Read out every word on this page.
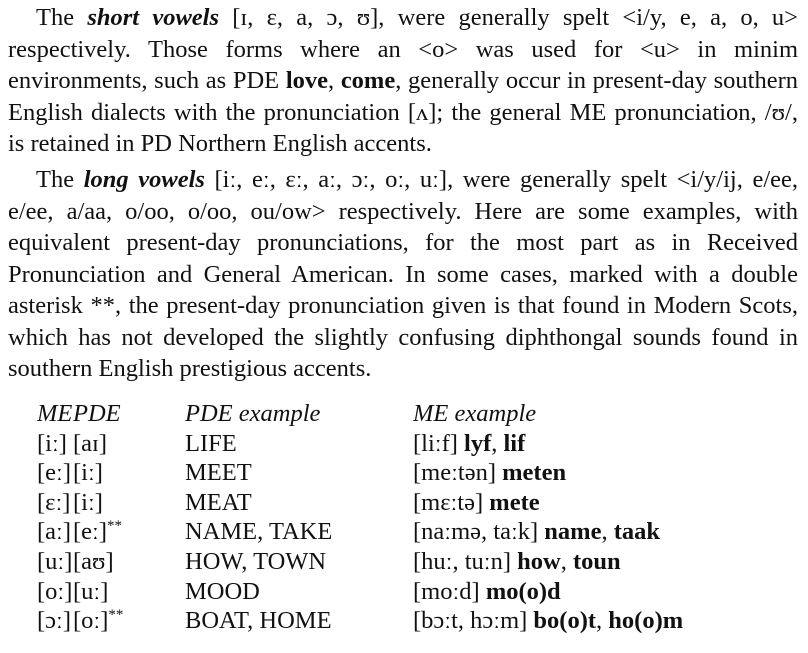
The short vowels [ɪ, ɛ, a, ɔ, ʊ], were generally spelt <i/y, e, a, o, u> respectively. Those forms where an <o> was used for <u> in minim environments, such as PDE love, come, generally occur in present-day southern English dialects with the pronunciation [ʌ]; the general ME pronunciation, /ʊ/, is retained in PD Northern English accents.

The long vowels [iː, eː, ɛː, aː, ɔː, oː, uː], were generally spelt <i/y/ij, e/ee, e/ee, a/aa, o/oo, o/oo, ou/ow> respectively. Here are some examples, with equivalent present-day pronunciations, for the most part as in Received Pronunciation and General American. In some cases, marked with a double asterisk **, the present-day pronunciation given is that found in Modern Scots, which has not developed the slightly confusing diphthongal sounds found in southern English prestigious accents.

ME	PDE	PDE example	ME example
[iː]	[aɪ]	LIFE	[liːf] lyf, lif
[eː]	[iː]	MEET	[meːtən] meten
[ɛː]	[iː]	MEAT	[mɛːtə] mete
[aː]	[eː]**	NAME, TAKE	[naːmə, taːk] name, taak
[uː]	[aʊ]	HOW, TOWN	[huː, tuːn] how, toun
[oː]	[uː]	MOOD	[moːd] mo(o)d
[ɔː]	[oː]**	BOAT, HOME	[bɔːt, hɔːm] bo(o)t, ho(o)m
